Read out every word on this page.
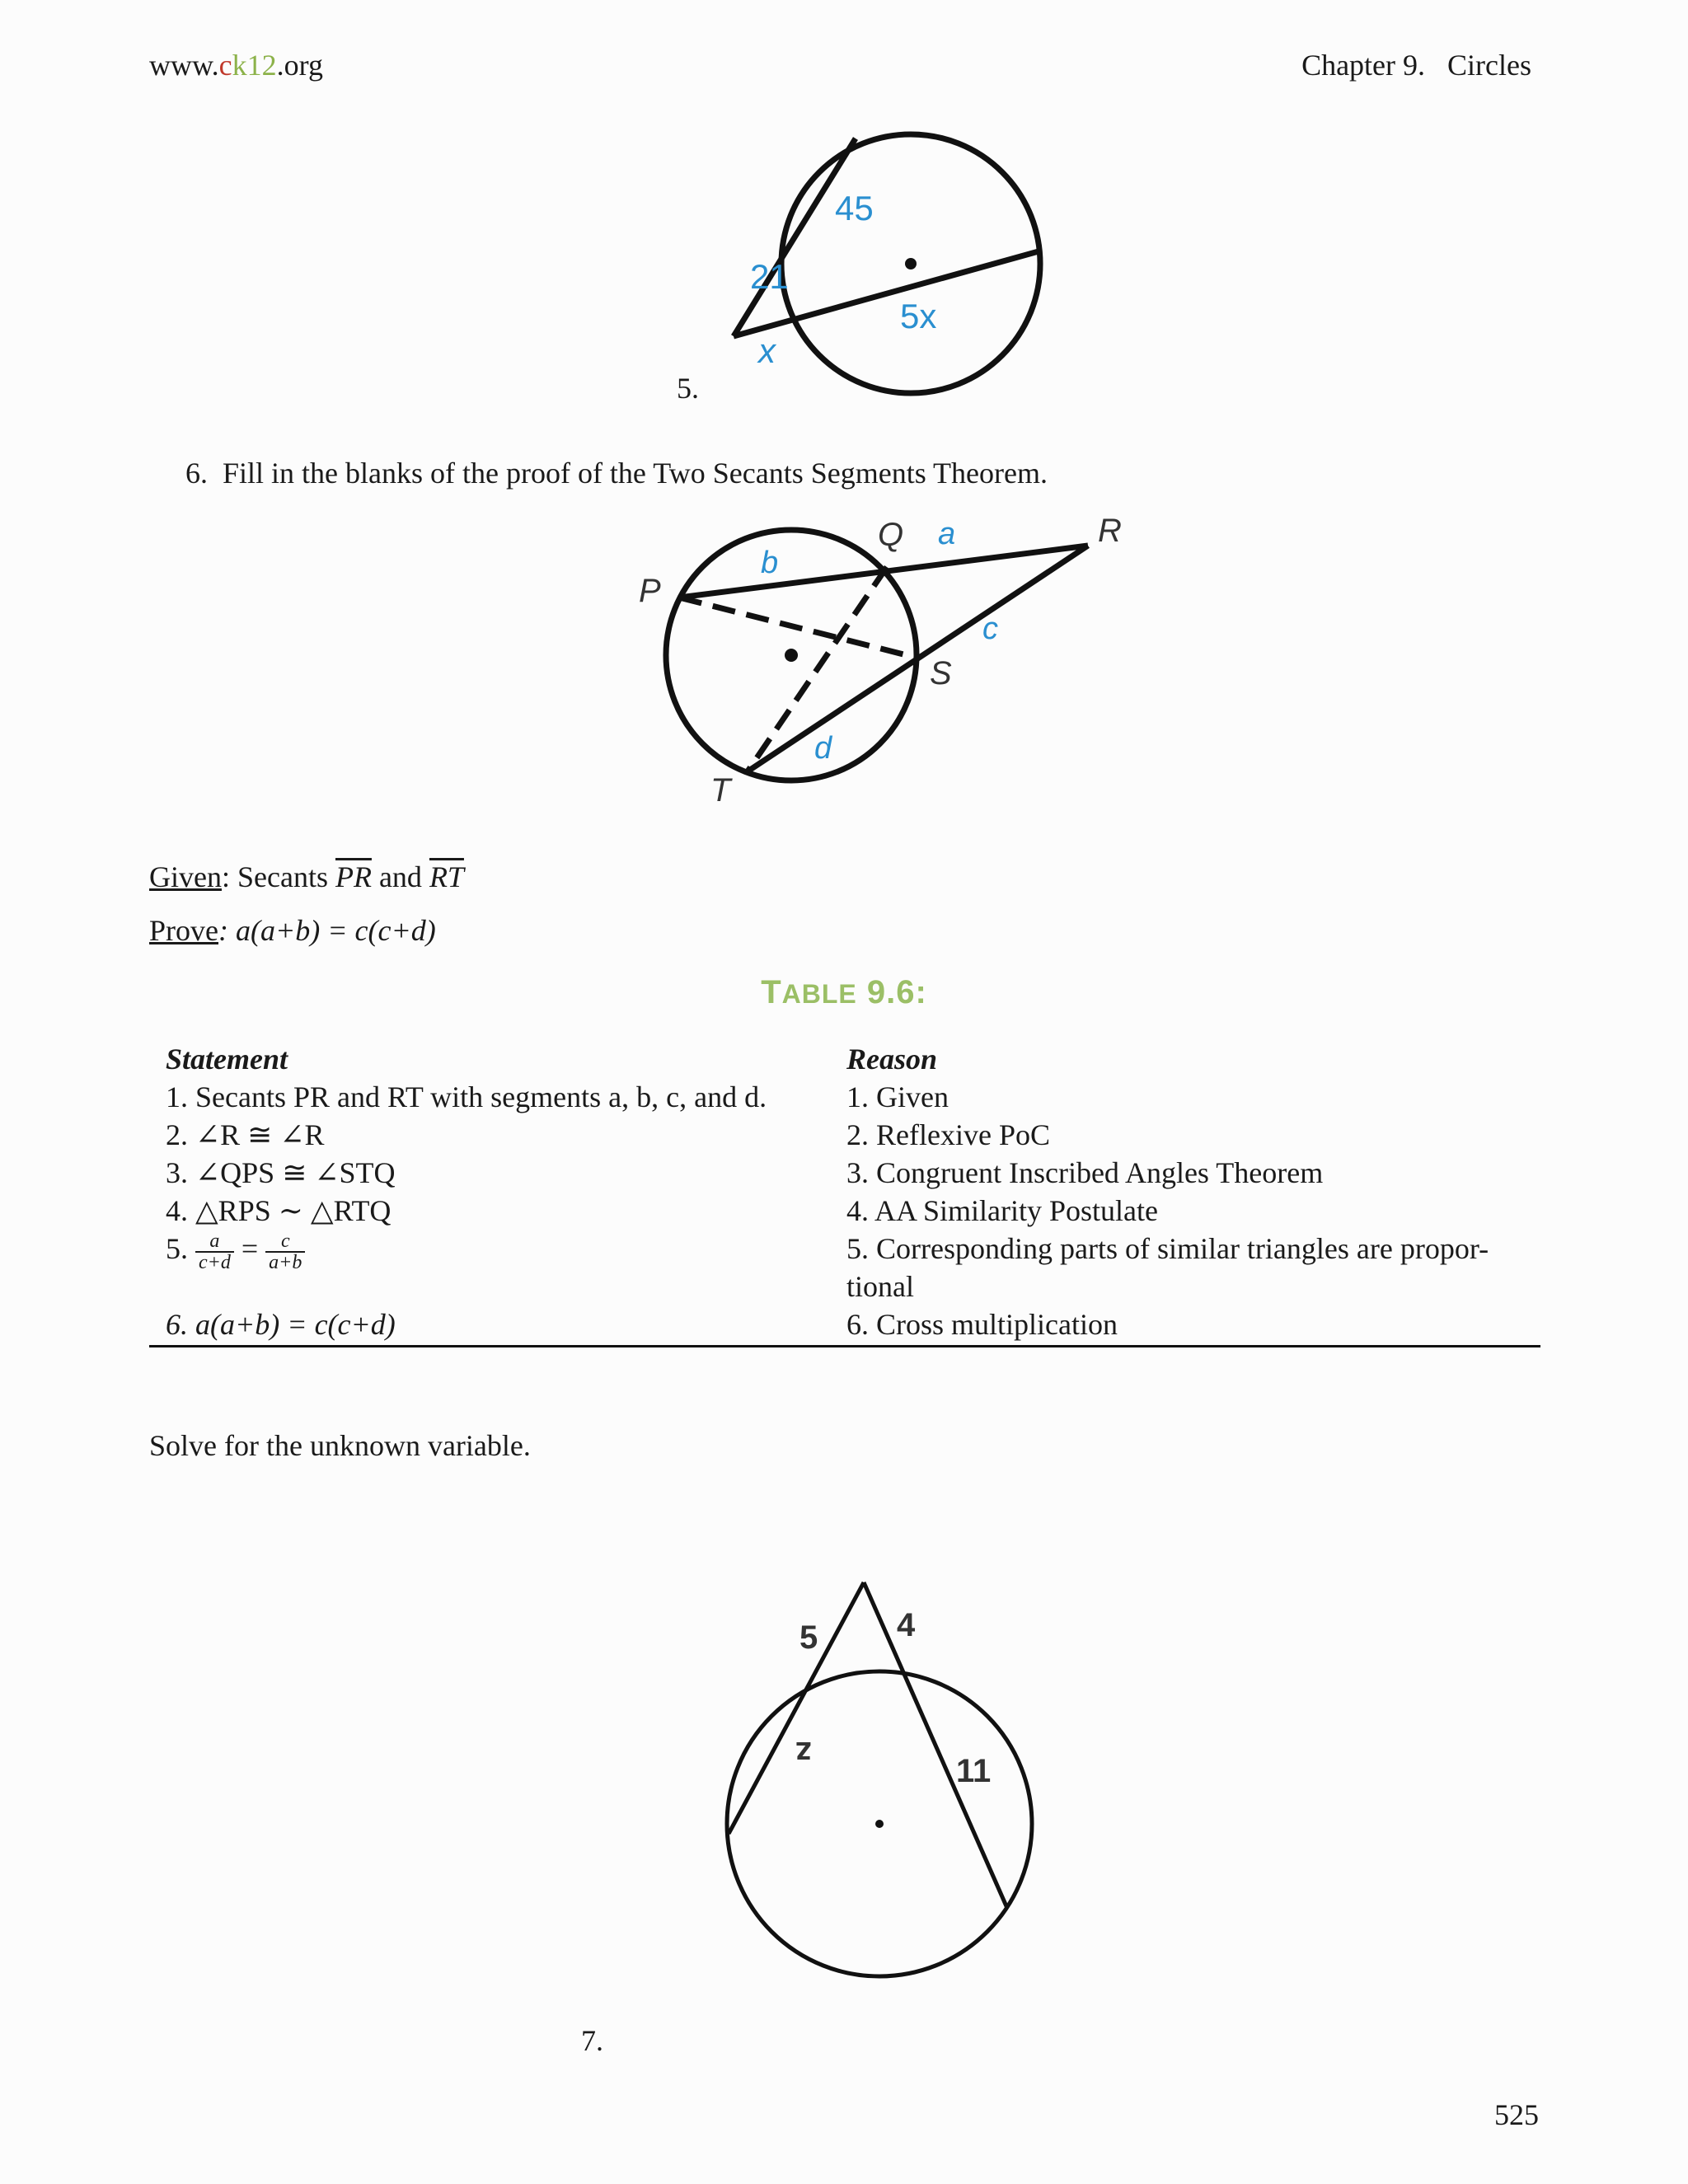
www.ck12.org	Chapter 9.   Circles
45
21
5x
x
5.
6.  Fill in the blanks of the proof of the Two Secants Segments Theorem.
P
Q	R
S
T
a
b
c
d
Given: Secants $\overline{PR}$ and $\overline{RT}$
Prove: a(a+b) = c(c+d)
TABLE 9.6:
Statement	Reason
1. Secants PR and RT with segments a, b, c, and d.	1. Given
2. ∠R ≅ ∠R	2. Reflexive PoC
3. ∠QPS ≅ ∠STQ	3. Congruent Inscribed Angles Theorem
4. △RPS ∼ △RTQ	4. AA Similarity Postulate
5. $\frac{a}{c+d} = \frac{c}{a+b}$	5. Corresponding parts of similar triangles are propor-
tional
6. a(a+b) = c(c+d)	6. Cross multiplication
Solve for the unknown variable.
5 4
z	11
7.
525
